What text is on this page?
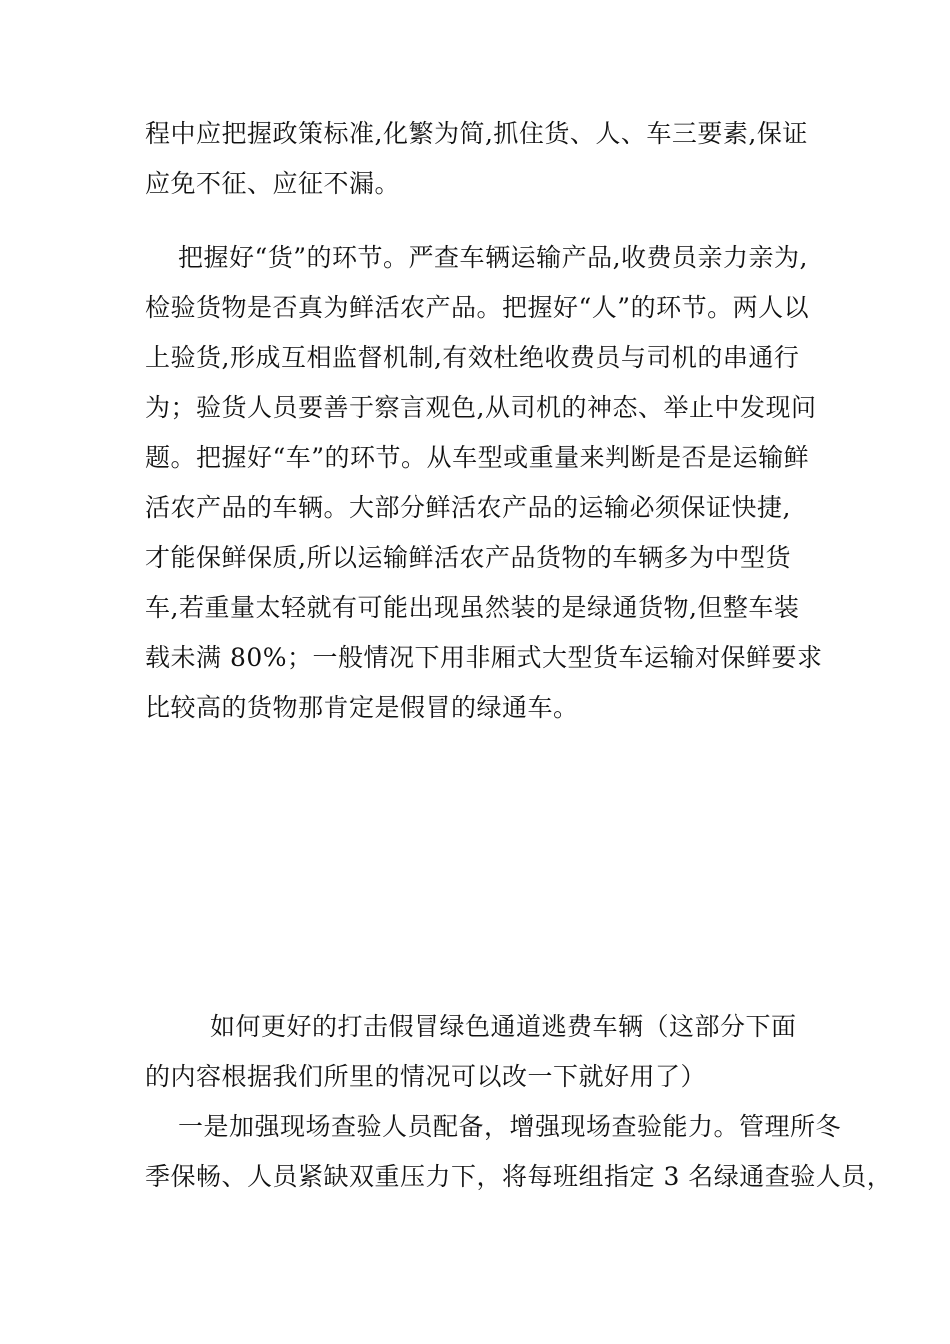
程中应把握政策标准,化繁为简,抓住货、人、车三要素,保证
应免不征、应征不漏。
把握好“货”的环节。严查车辆运输产品,收费员亲力亲为,
检验货物是否真为鲜活农产品。把握好“人”的环节。两人以
上验货,形成互相监督机制,有效杜绝收费员与司机的串通行
为；验货人员要善于察言观色,从司机的神态、举止中发现问
题。把握好“车”的环节。从车型或重量来判断是否是运输鲜
活农产品的车辆。大部分鲜活农产品的运输必须保证快捷,
才能保鲜保质,所以运输鲜活农产品货物的车辆多为中型货
车,若重量太轻就有可能出现虽然装的是绿通货物,但整车装
载未满 80%；一般情况下用非厢式大型货车运输对保鲜要求
比较高的货物那肯定是假冒的绿通车。
如何更好的打击假冒绿色通道逃费车辆（这部分下面
的内容根据我们所里的情况可以改一下就好用了）
一是加强现场查验人员配备，增强现场查验能力。管理所冬
季保畅、人员紧缺双重压力下，将每班组指定 3 名绿通查验人员，
